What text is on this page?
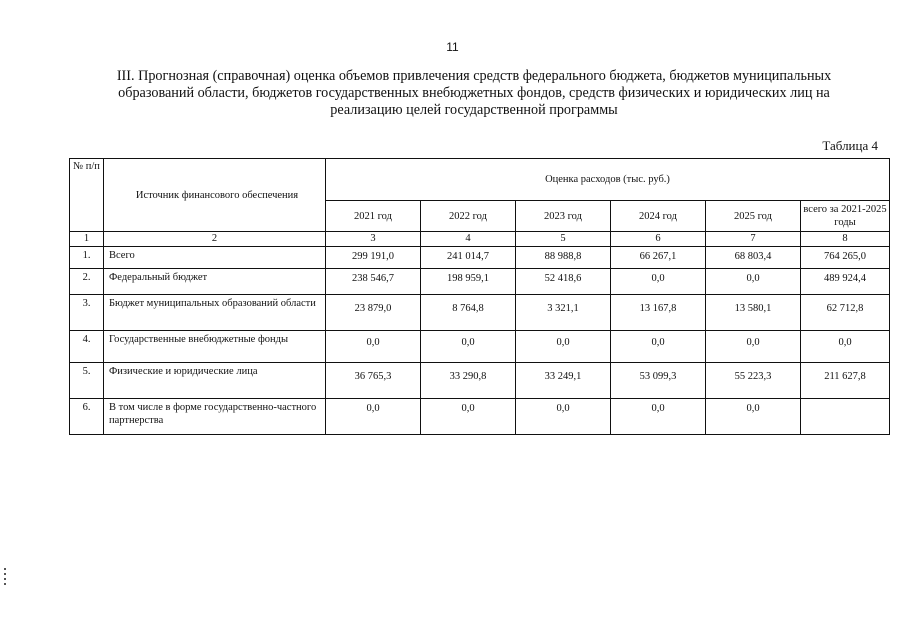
11
III. Прогнозная (справочная) оценка объемов привлечения средств федерального бюджета, бюджетов муниципальных
образований области, бюджетов государственных внебюджетных фондов, средств физических и юридических лиц на
реализацию целей государственной программы
Таблица 4
№ п/п	Источник финансового обеспечения	Оценка расходов (тыс. руб.)					
		2021 год	2022 год	2023 год	2024 год	2025 год	всего за 2021-2025 годы
1	2	3	4	5	6	7	8
1.	Всего	299 191,0	241 014,7	88 988,8	66 267,1	68 803,4	764 265,0
2.	Федеральный бюджет	238 546,7	198 959,1	52 418,6	0,0	0,0	489 924,4
3.	Бюджет муниципальных образований области	23 879,0	8 764,8	3 321,1	13 167,8	13 580,1	62 712,8
4.	Государственные внебюджетные фонды	0,0	0,0	0,0	0,0	0,0	0,0
5.	Физические и юридические лица	36 765,3	33 290,8	33 249,1	53 099,3	55 223,3	211 627,8
6.	В том числе в форме государственно-частного партнерства	0,0	0,0	0,0	0,0	0,0	
